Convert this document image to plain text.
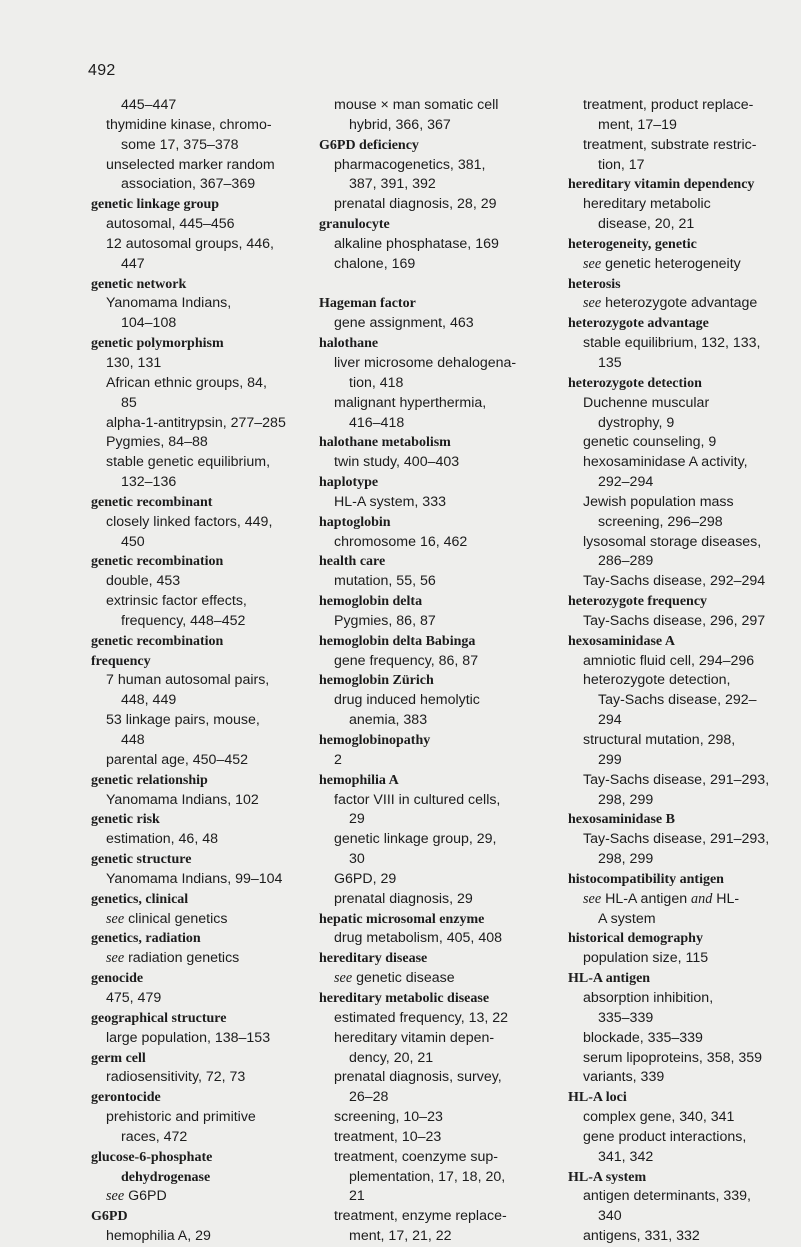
492
445–447
thymidine kinase, chromo-
some 17, 375–378
unselected marker random
association, 367–369
genetic linkage group
autosomal, 445–456
12 autosomal groups, 446,
447
genetic network
Yanomama Indians,
104–108
genetic polymorphism
130, 131
African ethnic groups, 84,
85
alpha-1-antitrypsin, 277–285
Pygmies, 84–88
stable genetic equilibrium,
132–136
genetic recombinant
closely linked factors, 449,
450
genetic recombination
double, 453
extrinsic factor effects,
frequency, 448–452
genetic recombination
frequency
7 human autosomal pairs,
448, 449
53 linkage pairs, mouse,
448
parental age, 450–452
genetic relationship
Yanomama Indians, 102
genetic risk
estimation, 46, 48
genetic structure
Yanomama Indians, 99–104
genetics, clinical
see clinical genetics
genetics, radiation
see radiation genetics
genocide
475, 479
geographical structure
large population, 138–153
germ cell
radiosensitivity, 72, 73
gerontocide
prehistoric and primitive
races, 472
glucose-6-phosphate
dehydrogenase
see G6PD
G6PD
hemophilia A, 29
mouse × man somatic cell
hybrid, 366, 367
G6PD deficiency
pharmacogenetics, 381,
387, 391, 392
prenatal diagnosis, 28, 29
granulocyte
alkaline phosphatase, 169
chalone, 169
Hageman factor
gene assignment, 463
halothane
liver microsome dehalogena-
tion, 418
malignant hyperthermia,
416–418
halothane metabolism
twin study, 400–403
haplotype
HL-A system, 333
haptoglobin
chromosome 16, 462
health care
mutation, 55, 56
hemoglobin delta
Pygmies, 86, 87
hemoglobin delta Babinga
gene frequency, 86, 87
hemoglobin Zürich
drug induced hemolytic
anemia, 383
hemoglobinopathy
2
hemophilia A
factor VIII in cultured cells,
29
genetic linkage group, 29,
30
G6PD, 29
prenatal diagnosis, 29
hepatic microsomal enzyme
drug metabolism, 405, 408
hereditary disease
see genetic disease
hereditary metabolic disease
estimated frequency, 13, 22
hereditary vitamin depen-
dency, 20, 21
prenatal diagnosis, survey,
26–28
screening, 10–23
treatment, 10–23
treatment, coenzyme sup-
plementation, 17, 18, 20,
21
treatment, enzyme replace-
ment, 17, 21, 22
treatment, product replace-
ment, 17–19
treatment, substrate restric-
tion, 17
hereditary vitamin dependency
hereditary metabolic
disease, 20, 21
heterogeneity, genetic
see genetic heterogeneity
heterosis
see heterozygote advantage
heterozygote advantage
stable equilibrium, 132, 133,
135
heterozygote detection
Duchenne muscular
dystrophy, 9
genetic counseling, 9
hexosaminidase A activity,
292–294
Jewish population mass
screening, 296–298
lysosomal storage diseases,
286–289
Tay-Sachs disease, 292–294
heterozygote frequency
Tay-Sachs disease, 296, 297
hexosaminidase A
amniotic fluid cell, 294–296
heterozygote detection,
Tay-Sachs disease, 292–
294
structural mutation, 298,
299
Tay-Sachs disease, 291–293,
298, 299
hexosaminidase B
Tay-Sachs disease, 291–293,
298, 299
histocompatibility antigen
see HL-A antigen and HL-
A system
historical demography
population size, 115
HL-A antigen
absorption inhibition,
335–339
blockade, 335–339
serum lipoproteins, 358, 359
variants, 339
HL-A loci
complex gene, 340, 341
gene product interactions,
341, 342
HL-A system
antigen determinants, 339,
340
antigens, 331, 332
